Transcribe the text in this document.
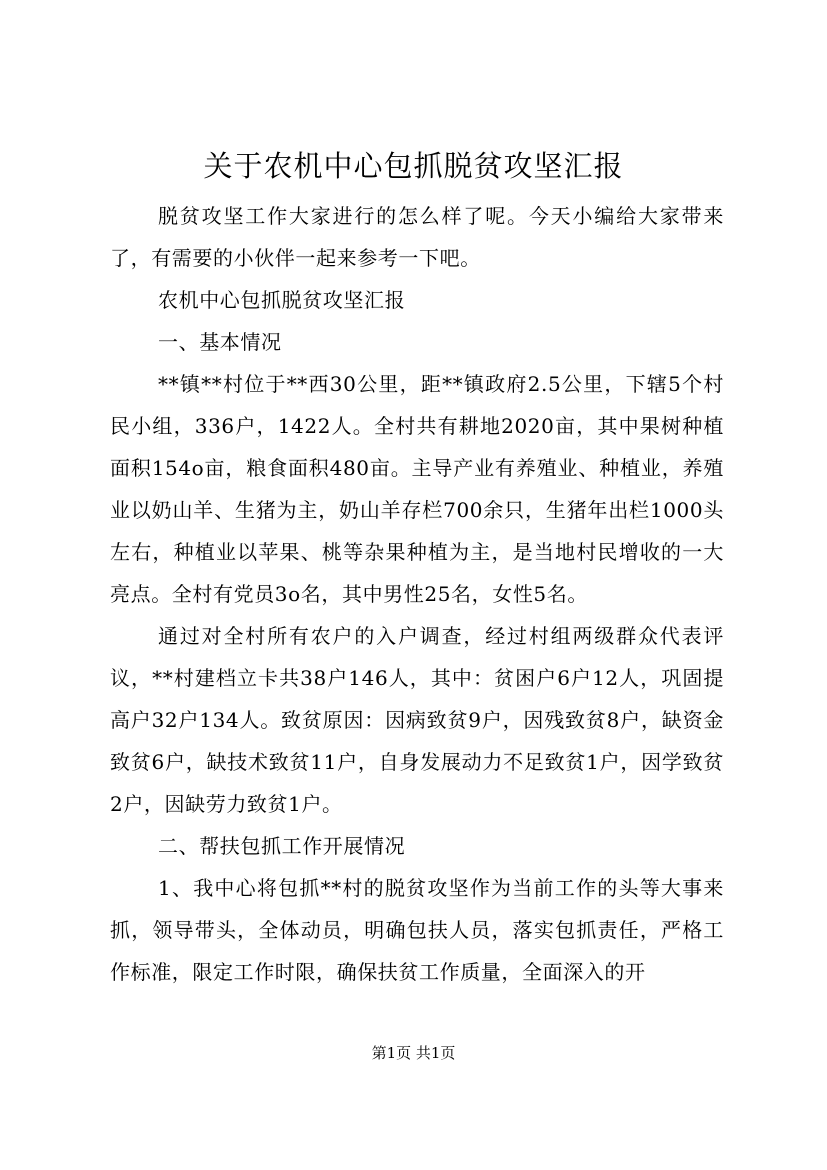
关于农机中心包抓脱贫攻坚汇报

脱贫攻坚工作大家进行的怎么样了呢。今天小编给大家带来了，有需要的小伙伴一起来参考一下吧。

农机中心包抓脱贫攻坚汇报

一、基本情况

**镇**村位于**西30公里，距**镇政府2.5公里，下辖5个村民小组，336户，1422人。全村共有耕地2020亩，其中果树种植面积154o亩，粮食面积480亩。主导产业有养殖业、种植业，养殖业以奶山羊、生猪为主，奶山羊存栏700余只，生猪年出栏1000头左右，种植业以苹果、桃等杂果种植为主，是当地村民增收的一大亮点。全村有党员3o名，其中男性25名，女性5名。

通过对全村所有农户的入户调查，经过村组两级群众代表评议，**村建档立卡共38户146人，其中：贫困户6户12人，巩固提高户32户134人。致贫原因：因病致贫9户，因残致贫8户，缺资金致贫6户，缺技术致贫11户，自身发展动力不足致贫1户，因学致贫2户，因缺劳力致贫1户。

二、帮扶包抓工作开展情况

1、我中心将包抓**村的脱贫攻坚作为当前工作的头等大事来抓，领导带头，全体动员，明确包扶人员，落实包抓责任，严格工作标准，限定工作时限，确保扶贫工作质量，全面深入的开

第1页 共1页
